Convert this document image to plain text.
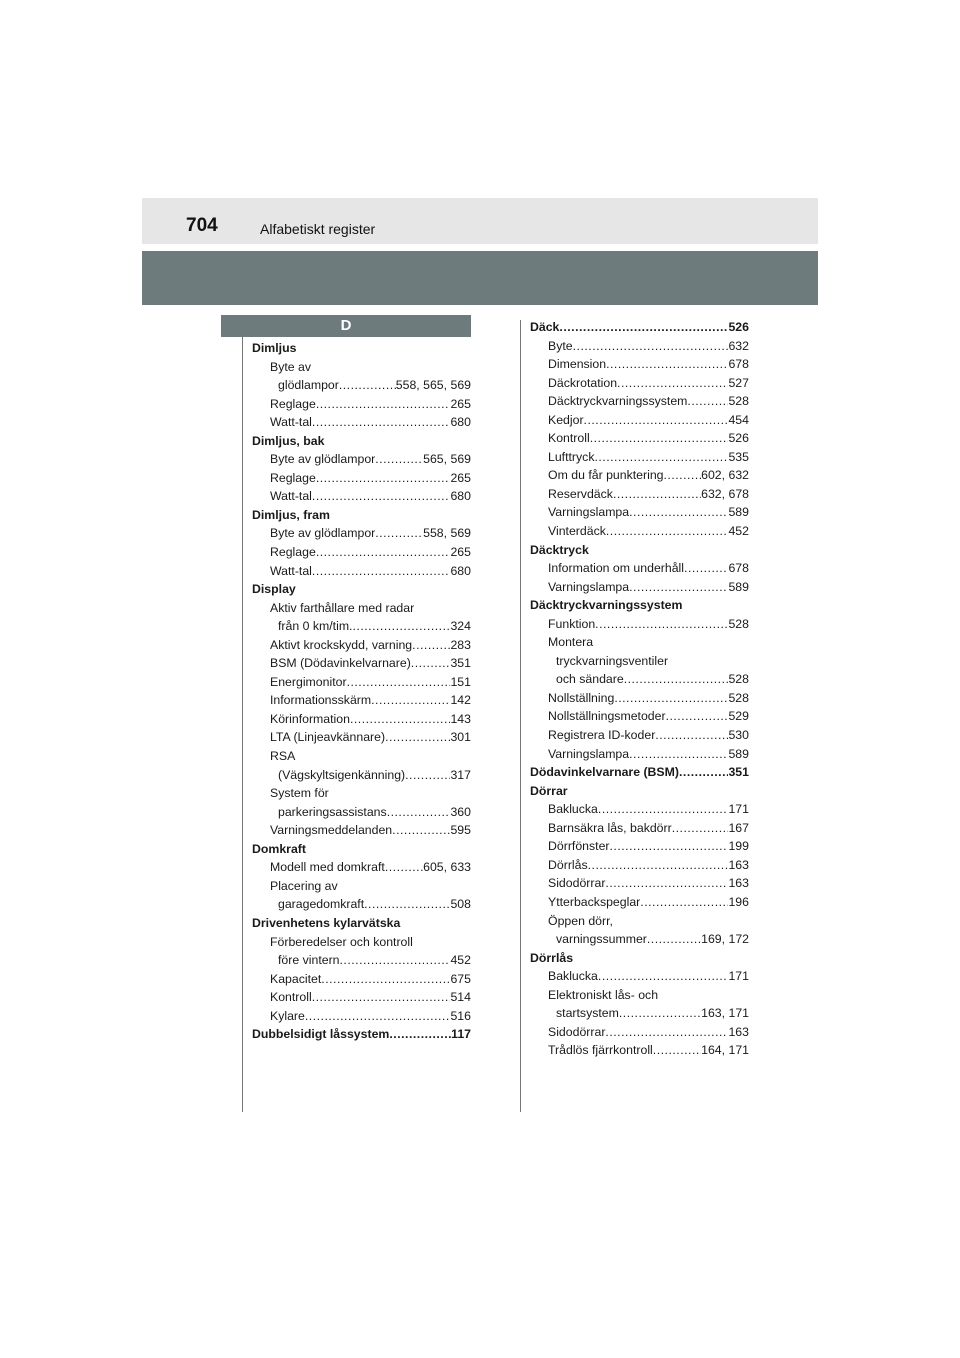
704	Alfabetiskt register
D
Dimljus
Byte av
glödlampor .....	558, 565, 569
Reglage .....	265
Watt-tal .....	680
Dimljus, bak
Byte av glödlampor .....	565, 569
Reglage .....	265
Watt-tal .....	680
Dimljus, fram
Byte av glödlampor .....	558, 569
Reglage .....	265
Watt-tal .....	680
Display
Aktiv farthållare med radar
från 0 km/tim. .....	324
Aktivt krockskydd, varning .....	283
BSM (Dödavinkelvarnare) .....	351
Energimonitor .....	151
Informationsskärm .....	142
Körinformation .....	143
LTA (Linjeavkännare) .....	301
RSA
(Vägskyltsigenkänning) .....	317
System för
parkeringsassistans .....	360
Varningsmeddelanden .....	595
Domkraft
Modell med domkraft .....	605, 633
Placering av
garagedomkraft .....	508
Drivenhetens kylarvätska
Förberedelser och kontroll
före vintern .....	452
Kapacitet .....	675
Kontroll .....	514
Kylare .....	516
Dubbelsidigt låssystem .....	117
Däck .....	526
Byte .....	632
Dimension .....	678
Däckrotation .....	527
Däcktryckvarningssystem .....	528
Kedjor .....	454
Kontroll .....	526
Lufttryck .....	535
Om du får punktering .....	602, 632
Reservdäck .....	632, 678
Varningslampa .....	589
Vinterdäck .....	452
Däcktryck
Information om underhåll .....	678
Varningslampa .....	589
Däcktryckvarningssystem
Funktion .....	528
Montera
tryckvarningsventiler
och sändare .....	528
Nollställning .....	528
Nollställningsmetoder .....	529
Registrera ID-koder .....	530
Varningslampa .....	589
Dödavinkelvarnare (BSM) .....	351
Dörrar
Baklucka .....	171
Barnsäkra lås, bakdörr .....	167
Dörrfönster .....	199
Dörrlås .....	163
Sidodörrar .....	163
Ytterbackspeglar .....	196
Öppen dörr,
varningssummer .....	169, 172
Dörrlås
Baklucka .....	171
Elektroniskt lås- och
startsystem .....	163, 171
Sidodörrar .....	163
Trådlös fjärrkontroll .....	164, 171
